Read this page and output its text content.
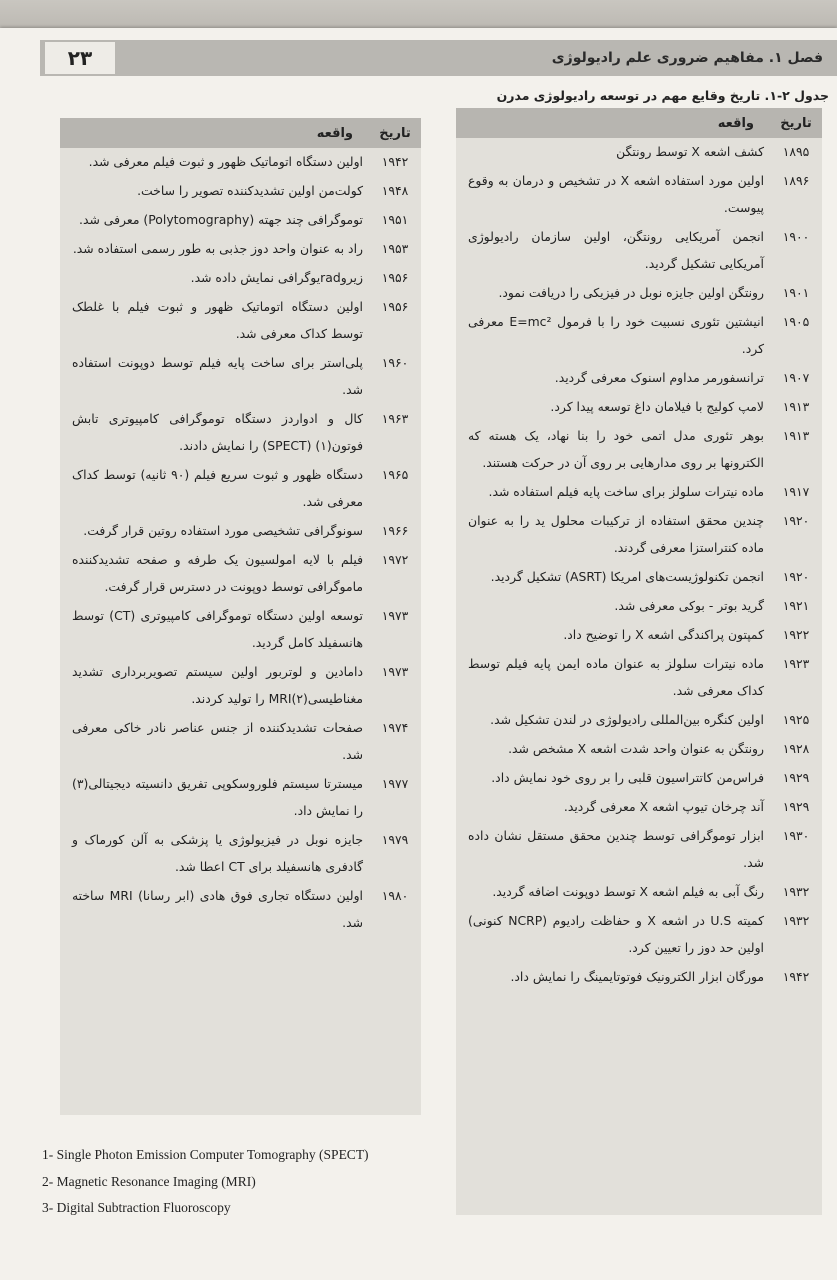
فصل ۱. مفاهیم ضروری علم رادیولوژی
۲۳
جدول ۲-۱. تاریخ وقایع مهم در توسعه رادیولوژی مدرن
تاریخ
واقعه
۱۸۹۵
کشف اشعه X توسط رونتگن
۱۸۹۶
اولین مورد استفاده اشعه X در تشخیص و درمان به وقوع پیوست.
۱۹۰۰
انجمن آمریکایی رونتگن، اولین سازمان رادیولوژی آمریکایی تشکیل گردید.
۱۹۰۱
رونتگن اولین جایزه نوبل در فیزیکی را دریافت نمود.
۱۹۰۵
انیشتین تئوری نسبیت خود را با فرمول E=mc² معرفی کرد.
۱۹۰۷
ترانسفورمر مداوم اسنوک معرفی گردید.
۱۹۱۳
لامپ کولیج با فیلامان داغ توسعه پیدا کرد.
۱۹۱۳
بوهر تئوری مدل اتمی خود را بنا نهاد، یک هسته که الکترونها بر روی مدارهایی بر روی آن در حرکت هستند.
۱۹۱۷
ماده نیترات سلولز برای ساخت پایه فیلم استفاده شد.
۱۹۲۰
چندین محقق استفاده از ترکیبات محلول ید را به عنوان ماده کنتراستزا معرفی گردند.
۱۹۲۰
انجمن تکنولوژیست‌های امریکا (ASRT) تشکیل گردید.
۱۹۲۱
گرید بوتر - بوکی معرفی شد.
۱۹۲۲
کمپتون پراکندگی اشعه X را توضیح داد.
۱۹۲۳
ماده نیترات سلولز به عنوان ماده ایمن پایه فیلم توسط کداک معرفی شد.
۱۹۲۵
اولین کنگره بین‌المللی رادیولوژی در لندن تشکیل شد.
۱۹۲۸
رونتگن به عنوان واحد شدت اشعه X مشخص شد.
۱۹۲۹
فراس‌من کاتتراسیون قلبی را بر روی خود نمایش داد.
۱۹۲۹
آند چرخان تیوپ اشعه X معرفی گردید.
۱۹۳۰
ابزار توموگرافی توسط چندین محقق مستقل نشان داده شد.
۱۹۳۲
رنگ آبی به فیلم اشعه X توسط دوپونت اضافه گردید.
۱۹۳۲
کمیته U.S در اشعه X و حفاظت رادیوم (NCRP کنونی) اولین حد دوز را تعیین کرد.
۱۹۴۲
مورگان ابزار الکترونیک فوتوتایمینگ را نمایش داد.
تاریخ
واقعه
۱۹۴۲
اولین دستگاه اتوماتیک ظهور و ثبوت فیلم معرفی شد.
۱۹۴۸
کولت‌من اولین تشدیدکننده تصویر را ساخت.
۱۹۵۱
توموگرافی چند جهته (Polytomography) معرفی شد.
۱۹۵۳
راد به عنوان واحد دوز جذبی به طور رسمی استفاده شد.
۱۹۵۶
زیروradیوگرافی نمایش داده شد.
۱۹۵۶
اولین دستگاه اتوماتیک ظهور و ثبوت فیلم با غلطک توسط کداک معرفی شد.
۱۹۶۰
پلی‌استر برای ساخت پایه فیلم توسط دوپونت استفاده شد.
۱۹۶۳
کال و ادواردز دستگاه توموگرافی کامپیوتری تابش فوتون(۱) (SPECT) را نمایش دادند.
۱۹۶۵
دستگاه ظهور و ثبوت سریع فیلم (۹۰ ثانیه) توسط کداک معرفی شد.
۱۹۶۶
سونوگرافی تشخیصی مورد استفاده روتین قرار گرفت.
۱۹۷۲
فیلم با لایه امولسیون یک طرفه و صفحه تشدیدکننده ماموگرافی توسط دوپونت در دسترس قرار گرفت.
۱۹۷۳
توسعه اولین دستگاه توموگرافی کامپیوتری (CT) توسط هانسفیلد کامل گردید.
۱۹۷۳
دامادین و لوتربور اولین سیستم تصویربرداری تشدید مغناطیسی(۲)MRI را تولید کردند.
۱۹۷۴
صفحات تشدیدکننده از جنس عناصر نادر خاکی معرفی شد.
۱۹۷۷
میسترتا سیستم فلوروسکوپی تفریق دانسیته دیجیتالی(۳) را نمایش داد.
۱۹۷۹
جایزه نوبل در فیزیولوژی یا پزشکی به آلن کورماک و گادفری هانسفیلد برای CT اعطا شد.
۱۹۸۰
اولین دستگاه تجاری فوق هادی (ابر رسانا) MRI ساخته شد.
1- Single Photon Emission Computer Tomography (SPECT)
2- Magnetic Resonance Imaging (MRI)
3- Digital Subtraction Fluoroscopy
